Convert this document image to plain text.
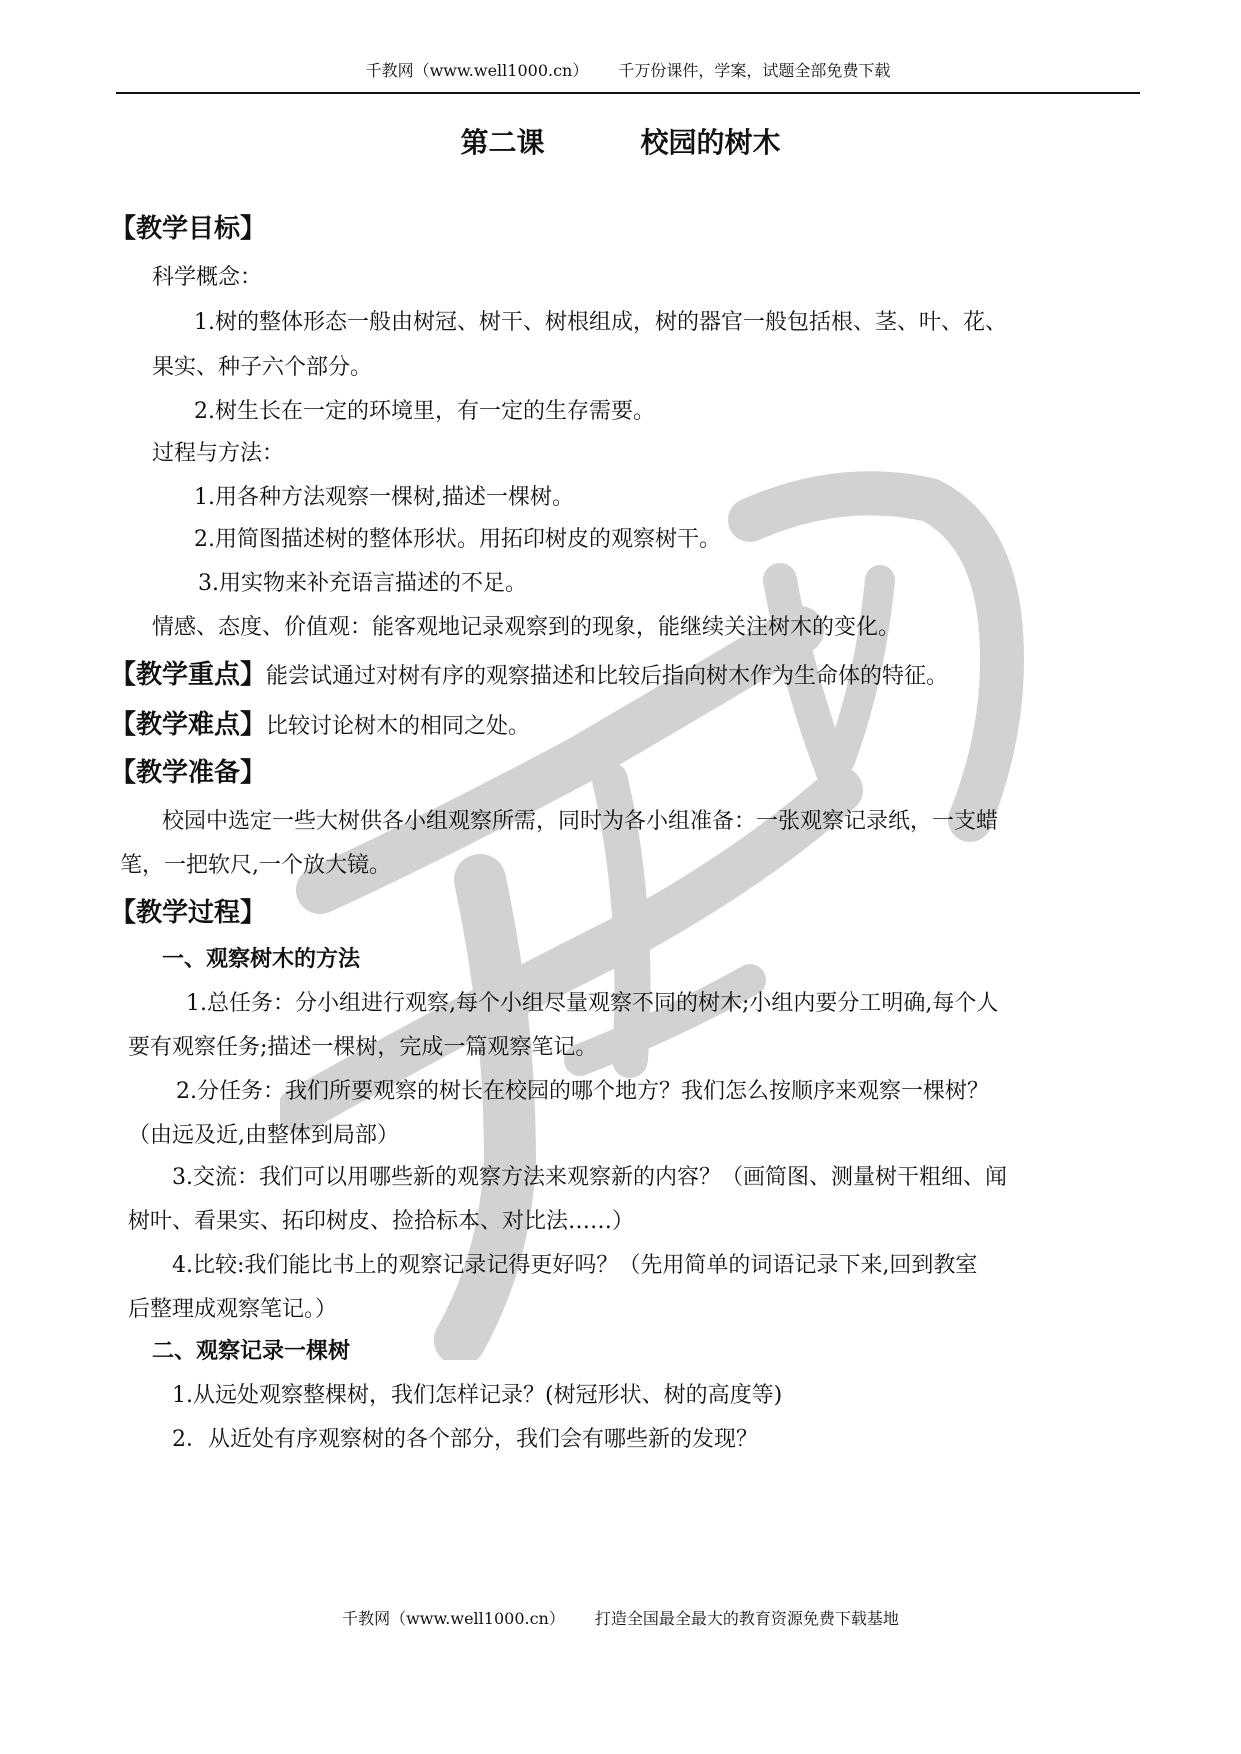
千教网（www.well1000.cn） 千万份课件，学案，试题全部免费下载
第二课	校园的树木
【教学目标】
科学概念：
1.树的整体形态一般由树冠、树干、树根组成，树的器官一般包括根、茎、叶、花、
果实、种子六个部分。
2.树生长在一定的环境里，有一定的生存需要。
过程与方法：
1.用各种方法观察一棵树,描述一棵树。
2.用简图描述树的整体形状。用拓印树皮的观察树干。
3.用实物来补充语言描述的不足。
情感、态度、价值观：能客观地记录观察到的现象，能继续关注树木的变化。
【教学重点】能尝试通过对树有序的观察描述和比较后指向树木作为生命体的特征。
【教学难点】比较讨论树木的相同之处。
【教学准备】
校园中选定一些大树供各小组观察所需，同时为各小组准备：一张观察记录纸，一支蜡
笔，一把软尺,一个放大镜。
【教学过程】
一、观察树木的方法
1.总任务：分小组进行观察,每个小组尽量观察不同的树木;小组内要分工明确,每个人
要有观察任务;描述一棵树，完成一篇观察笔记。
2.分任务：我们所要观察的树长在校园的哪个地方？我们怎么按顺序来观察一棵树？
（由远及近,由整体到局部）
3.交流：我们可以用哪些新的观察方法来观察新的内容？（画简图、测量树干粗细、闻
树叶、看果实、拓印树皮、捡拾标本、对比法……）
4.比较:我们能比书上的观察记录记得更好吗？（先用简单的词语记录下来,回到教室
后整理成观察笔记。）
二、观察记录一棵树
1.从远处观察整棵树，我们怎样记录？(树冠形状、树的高度等)
2．从近处有序观察树的各个部分，我们会有哪些新的发现？
千教网（www.well1000.cn） 打造全国最全最大的教育资源免费下载基地
